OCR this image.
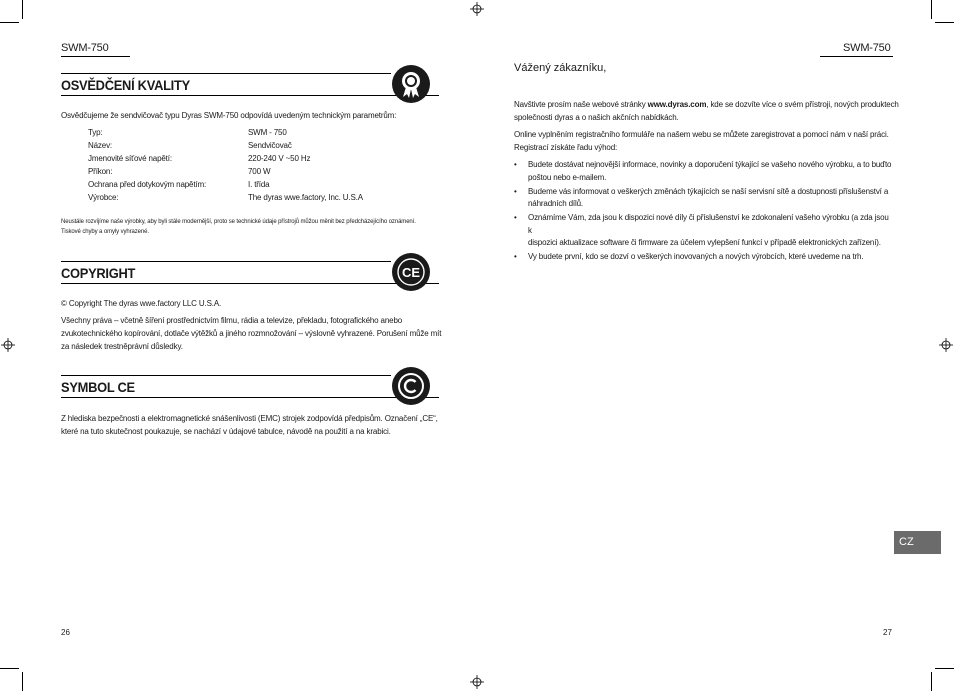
SWM-750
OSVĚDČENÍ KVALITY
Osvědčujeme že sendvičovač typu Dyras SWM-750 odpovídá uvedeným technickým parametrům:
Typ:	SWM - 750
Název:	Sendvičovač
Jmenovité síťové napětí:	220-240 V ~50 Hz
Příkon:	700 W
Ochrana před dotykovým napětím:	I. třída
Výrobce:	The dyras wwe.factory, Inc. U.S.A
Neustále rozvíjíme naše výrobky, aby byli stále modernější, proto se technické údaje přístrojů můžou měnit bez předcházejícího oznámení.
Tiskové chyby a omyly vyhrazené.
COPYRIGHT	CE
© Copyright The dyras wwe.factory LLC U.S.A.
Všechny práva – včetně šíření prostřednictvím filmu, rádia a televize, překladu, fotografického anebo
zvukotechnického kopírování, dotlače výtěžků a jiného rozmnožování – výslovně vyhrazené. Porušení může mít
za následek trestněprávní důsledky.
SYMBOL CE
Z hlediska bezpečnosti a elektromagnetické snášenlivosti (EMC) strojek zodpovídá předpisům. Označení „CE“,
které na tuto skutečnost poukazuje, se nachází v údajové tabulce, návodě na použití a na krabici.
26
SWM-750
Vážený zákazníku,
Navštivte prosím naše webové stránky www.dyras.com, kde se dozvíte více o svém přístroji, nových produktech
společnosti dyras a o našich akčních nabídkách.
Online vyplněním registračního formuláře na našem webu se můžete zaregistrovat a pomocí nám v naší práci.
Registrací získáte řadu výhod:
• Budete dostávat nejnovější informace, novinky a doporučení týkající se vašeho nového výrobku, a to buďto
poštou nebo e-mailem.
• Budeme vás informovat o veškerých změnách týkajících se naší servisní sítě a dostupnosti příslušenství a
náhradních dílů.
• Oznámíme Vám, zda jsou k dispozici nové díly či příslušenství ke zdokonalení vašeho výrobku (a zda jsou k
dispozici aktualizace software či firmware za účelem vylepšení funkcí v případě elektronických zařízení).
• Vy budete první, kdo se dozví o veškerých inovovaných a nových výrobcích, které uvedeme na trh.
CZ
27
